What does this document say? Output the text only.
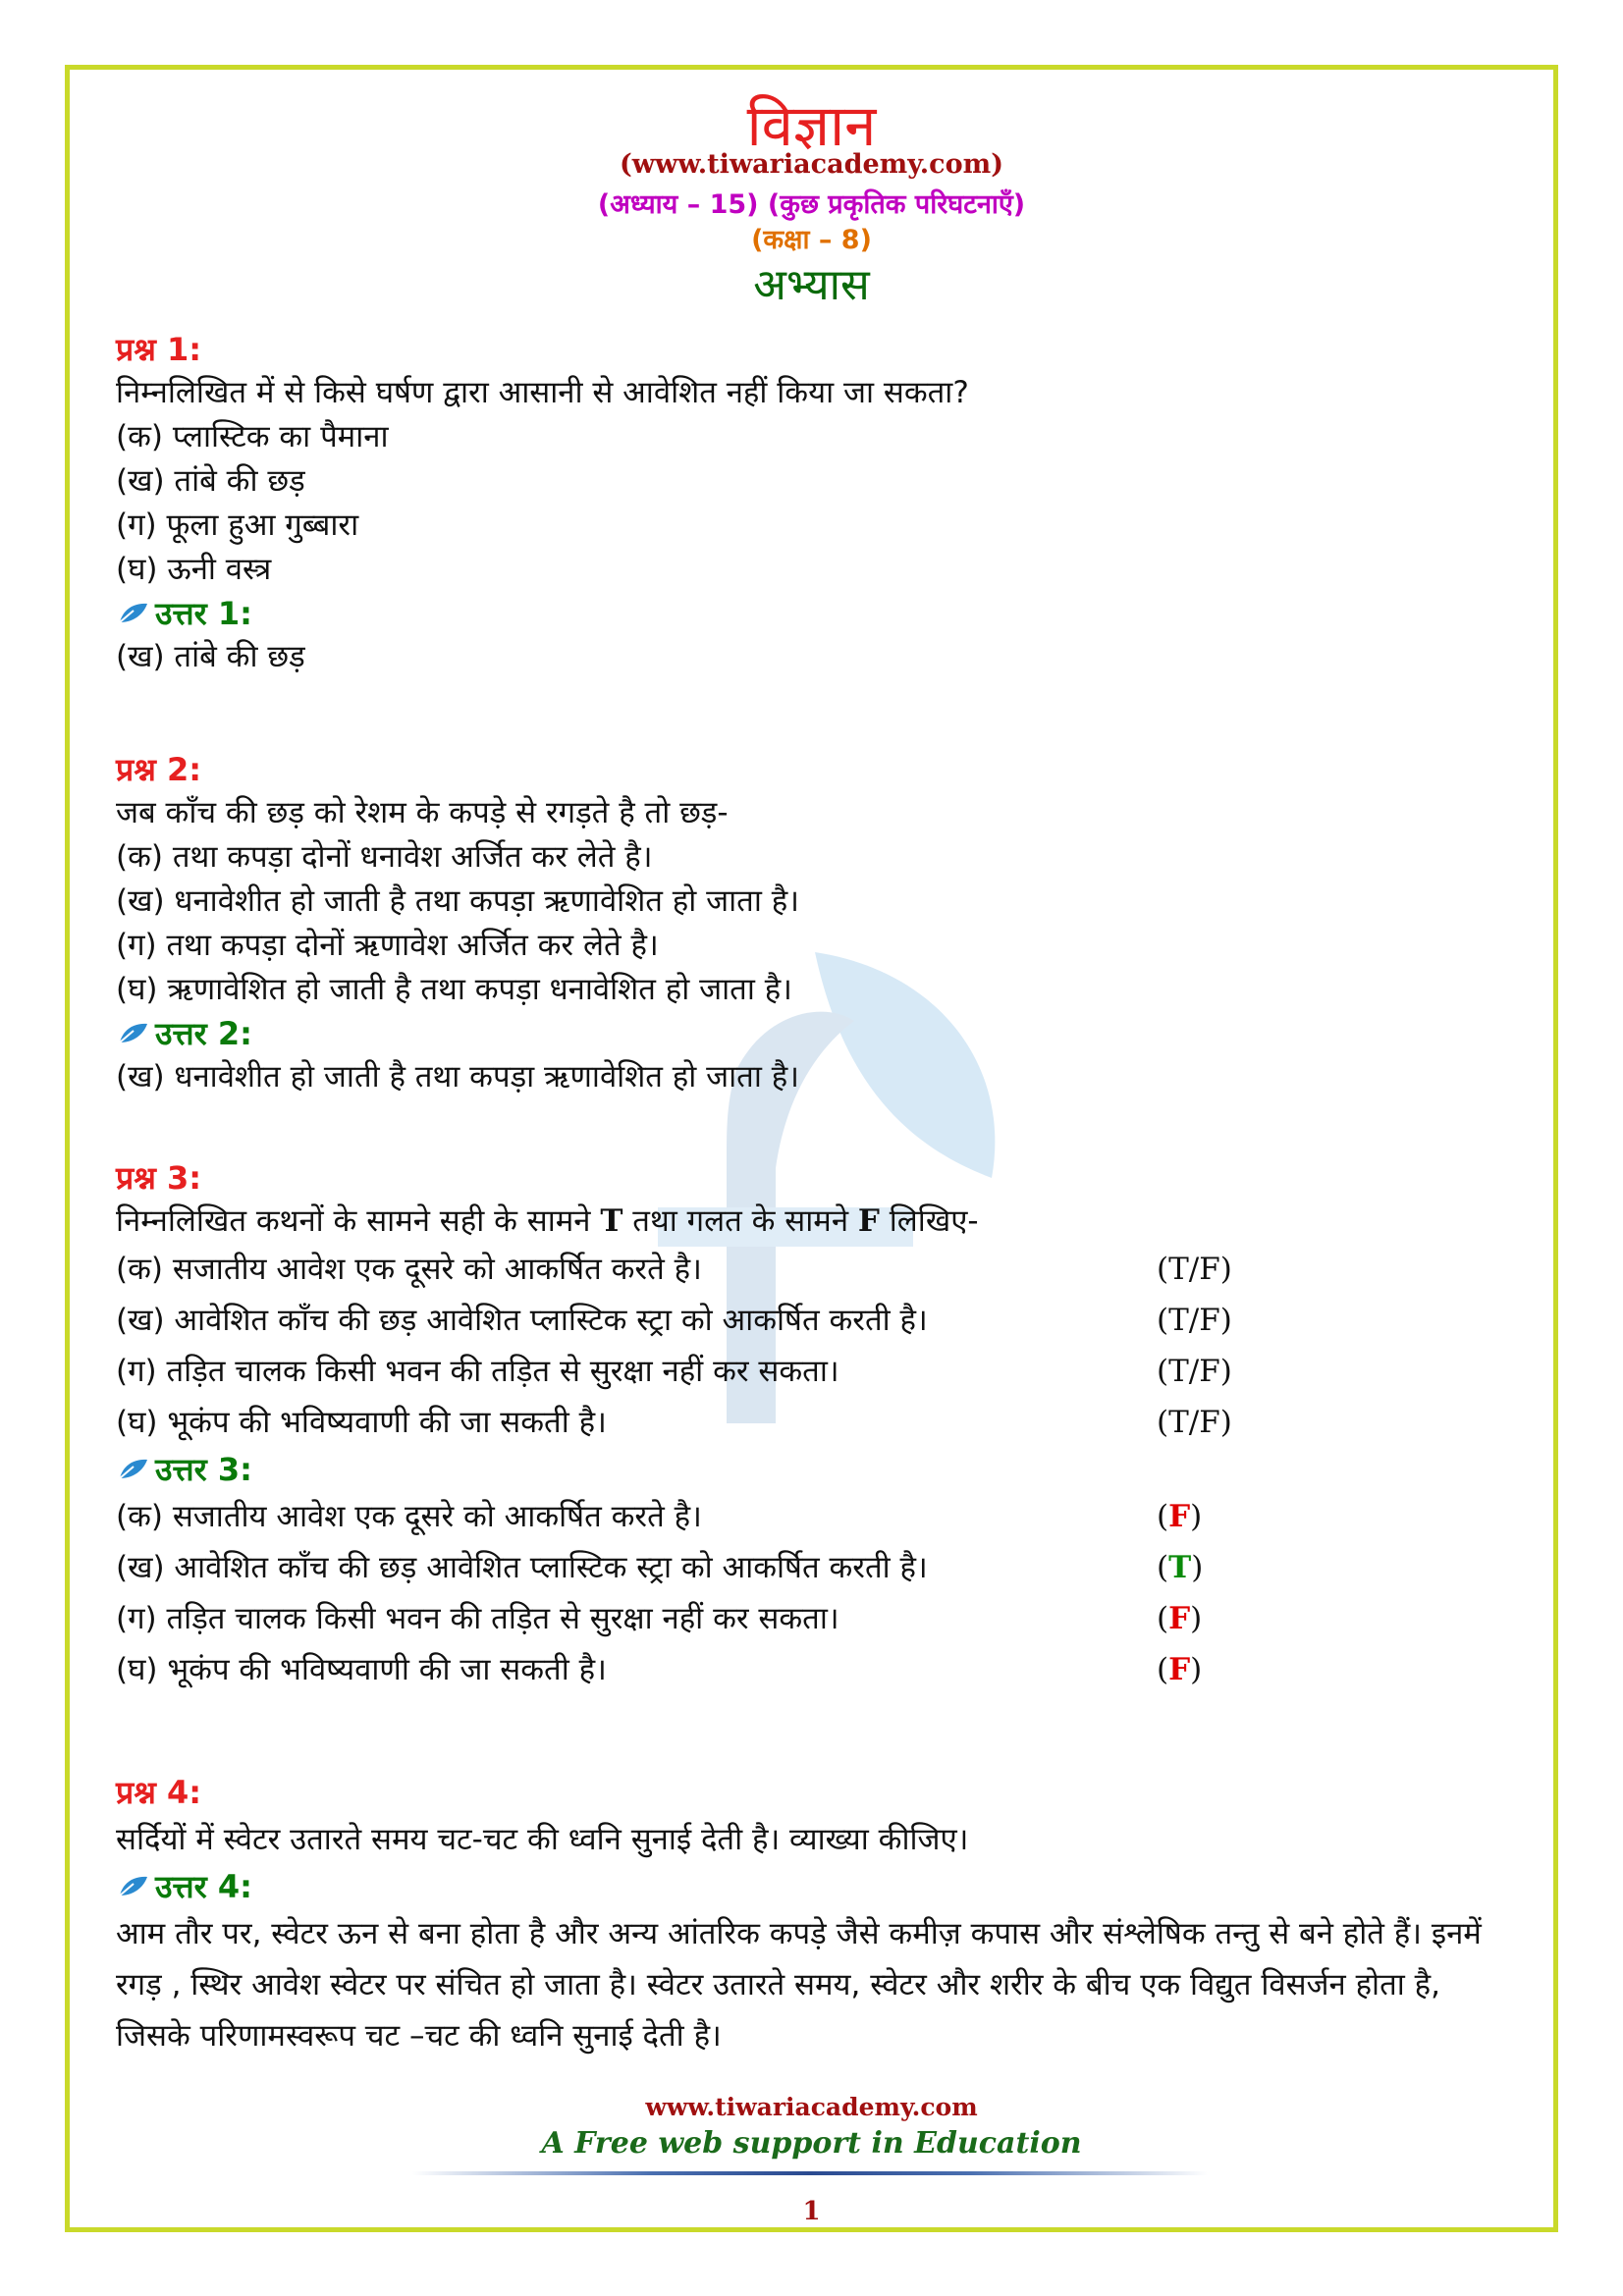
विज्ञान
(www.tiwariacademy.com)
(अध्याय – 15) (कुछ प्रकृतिक परिघटनाएँ)
(कक्षा – 8)
अभ्यास
प्रश्न 1:
निम्नलिखित में से किसे घर्षण द्वारा आसानी से आवेशित नहीं किया जा सकता?
(क) प्लास्टिक का पैमाना
(ख) तांबे की छड़
(ग) फूला हुआ गुब्बारा
(घ) ऊनी वस्त्र
उत्तर 1:
(ख) तांबे की छड़
प्रश्न 2:
जब काँच की छड़ को रेशम के कपड़े से रगड़ते है तो छड़-
(क) तथा कपड़ा दोनों धनावेश अर्जित कर लेते है।
(ख) धनावेशीत हो जाती है तथा कपड़ा ऋणावेशित हो जाता है।
(ग) तथा कपड़ा दोनों ऋणावेश अर्जित कर लेते है।
(घ) ऋणावेशित हो जाती है तथा कपड़ा धनावेशित हो जाता है।
उत्तर 2:
(ख) धनावेशीत हो जाती है तथा कपड़ा ऋणावेशित हो जाता है।
प्रश्न 3:
निम्नलिखित कथनों के सामने सही के सामने T तथा गलत के सामने F लिखिए-
(क) सजातीय आवेश एक दूसरे को आकर्षित करते है।	(T/F)
(ख) आवेशित काँच की छड़ आवेशित प्लास्टिक स्ट्रा को आकर्षित करती है।	(T/F)
(ग) तड़ित चालक किसी भवन की तड़ित से सुरक्षा नहीं कर सकता।	(T/F)
(घ) भूकंप की भविष्यवाणी की जा सकती है।	(T/F)
उत्तर 3:
(क) सजातीय आवेश एक दूसरे को आकर्षित करते है।	(F)
(ख) आवेशित काँच की छड़ आवेशित प्लास्टिक स्ट्रा को आकर्षित करती है।	(T)
(ग) तड़ित चालक किसी भवन की तड़ित से सुरक्षा नहीं कर सकता।	(F)
(घ) भूकंप की भविष्यवाणी की जा सकती है।	(F)
प्रश्न 4:
सर्दियों में स्वेटर उतारते समय चट-चट की ध्वनि सुनाई देती है। व्याख्या कीजिए।
उत्तर 4:
आम तौर पर, स्वेटर ऊन से बना होता है और अन्य आंतरिक कपड़े जैसे कमीज़ कपास और संश्लेषिक तन्तु से बने होते हैं। इनमें रगड़ , स्थिर आवेश स्वेटर पर संचित हो जाता है। स्वेटर उतारते समय, स्वेटर और शरीर के बीच एक विद्युत विसर्जन होता है, जिसके परिणामस्वरूप चट –चट की ध्वनि सुनाई देती है।
www.tiwariacademy.com
A Free web support in Education
1
